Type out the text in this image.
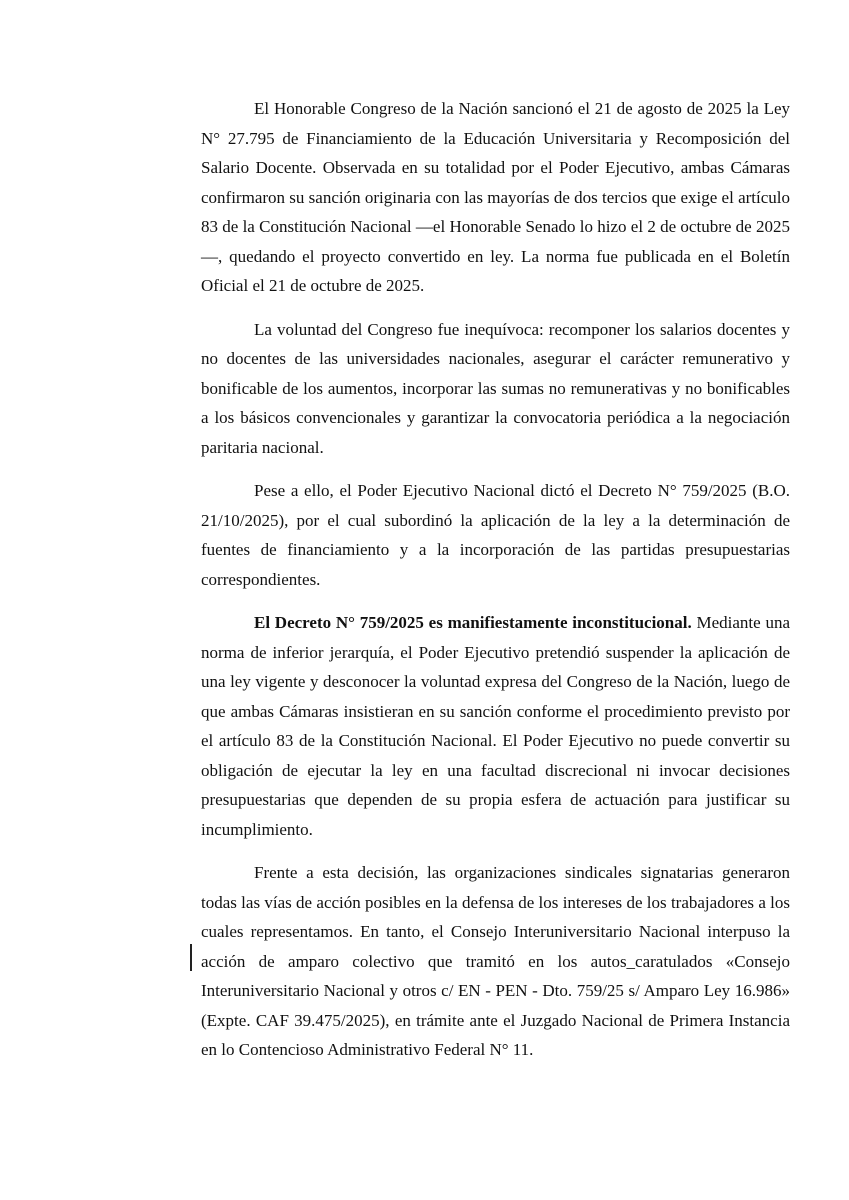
El Honorable Congreso de la Nación sancionó el 21 de agosto de 2025 la Ley N° 27.795 de Financiamiento de la Educación Universitaria y Recomposición del Salario Docente. Observada en su totalidad por el Poder Ejecutivo, ambas Cámaras confirmaron su sanción originaria con las mayorías de dos tercios que exige el artículo 83 de la Constitución Nacional —el Honorable Senado lo hizo el 2 de octubre de 2025—, quedando el proyecto convertido en ley. La norma fue publicada en el Boletín Oficial el 21 de octubre de 2025.

La voluntad del Congreso fue inequívoca: recomponer los salarios docentes y no docentes de las universidades nacionales, asegurar el carácter remunerativo y bonificable de los aumentos, incorporar las sumas no remunerativas y no bonificables a los básicos convencionales y garantizar la convocatoria periódica a la negociación paritaria nacional.

Pese a ello, el Poder Ejecutivo Nacional dictó el Decreto N° 759/2025 (B.O. 21/10/2025), por el cual subordinó la aplicación de la ley a la determinación de fuentes de financiamiento y a la incorporación de las partidas presupuestarias correspondientes.

El Decreto N° 759/2025 es manifiestamente inconstitucional. Mediante una norma de inferior jerarquía, el Poder Ejecutivo pretendió suspender la aplicación de una ley vigente y desconocer la voluntad expresa del Congreso de la Nación, luego de que ambas Cámaras insistieran en su sanción conforme el procedimiento previsto por el artículo 83 de la Constitución Nacional. El Poder Ejecutivo no puede convertir su obligación de ejecutar la ley en una facultad discrecional ni invocar decisiones presupuestarias que dependen de su propia esfera de actuación para justificar su incumplimiento.

Frente a esta decisión, las organizaciones sindicales signatarias generaron todas las vías de acción posibles en la defensa de los intereses de los trabajadores a los cuales representamos. En tanto, el Consejo Interuniversitario Nacional interpuso la acción de amparo colectivo que tramitó en los autos_caratulados «Consejo Interuniversitario Nacional y otros c/ EN - PEN - Dto. 759/25 s/ Amparo Ley 16.986» (Expte. CAF 39.475/2025), en trámite ante el Juzgado Nacional de Primera Instancia en lo Contencioso Administrativo Federal N° 11.
